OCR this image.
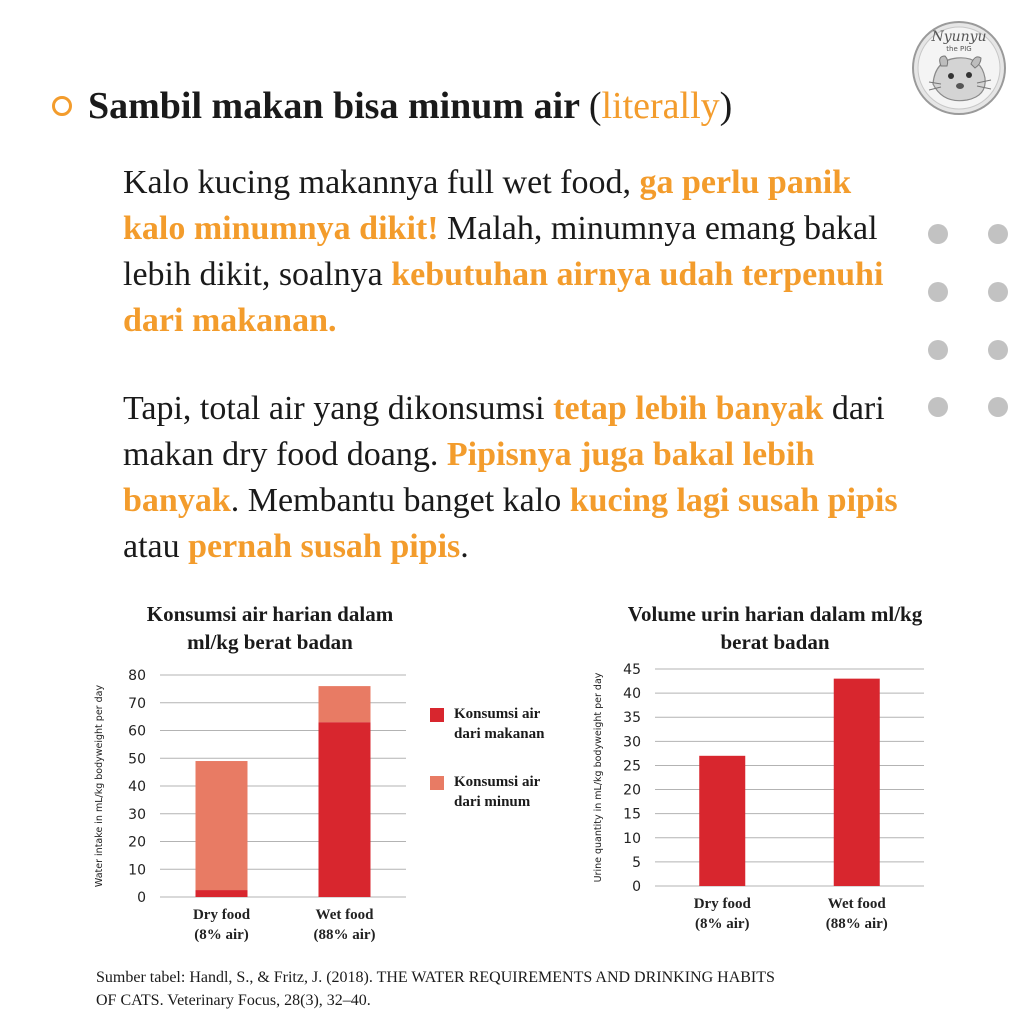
Nyunyu
the PIG
Sambil makan bisa minum air (literally)

Kalo kucing makannya full wet food, ga perlu panik kalo minumnya dikit! Malah, minumnya emang bakal lebih dikit, soalnya kebutuhan airnya udah terpenuhi dari makanan.

Tapi, total air yang dikonsumsi tetap lebih banyak dari makan dry food doang. Pipisnya juga bakal lebih banyak. Membantu banget kalo kucing lagi susah pipis atau pernah susah pipis.

Konsumsi air harian dalam
ml/kg berat badan
0
10
20
30
40
50
60
70
80
Water intake in mL/kg bodyweight per day
Dry food
(8% air)
Wet food
(88% air)
Konsumsi air
dari makanan
Konsumsi air
dari minum
Volume urin harian dalam ml/kg
berat badan
0
5
10
15
20
25
30
35
40
45
Urine quantity in mL/kg bodyweight per day
Dry food
(8% air)
Wet food
(88% air)
Sumber tabel: Handl, S., & Fritz, J. (2018). THE WATER REQUIREMENTS AND DRINKING HABITS
OF CATS. Veterinary Focus, 28(3), 32–40.
